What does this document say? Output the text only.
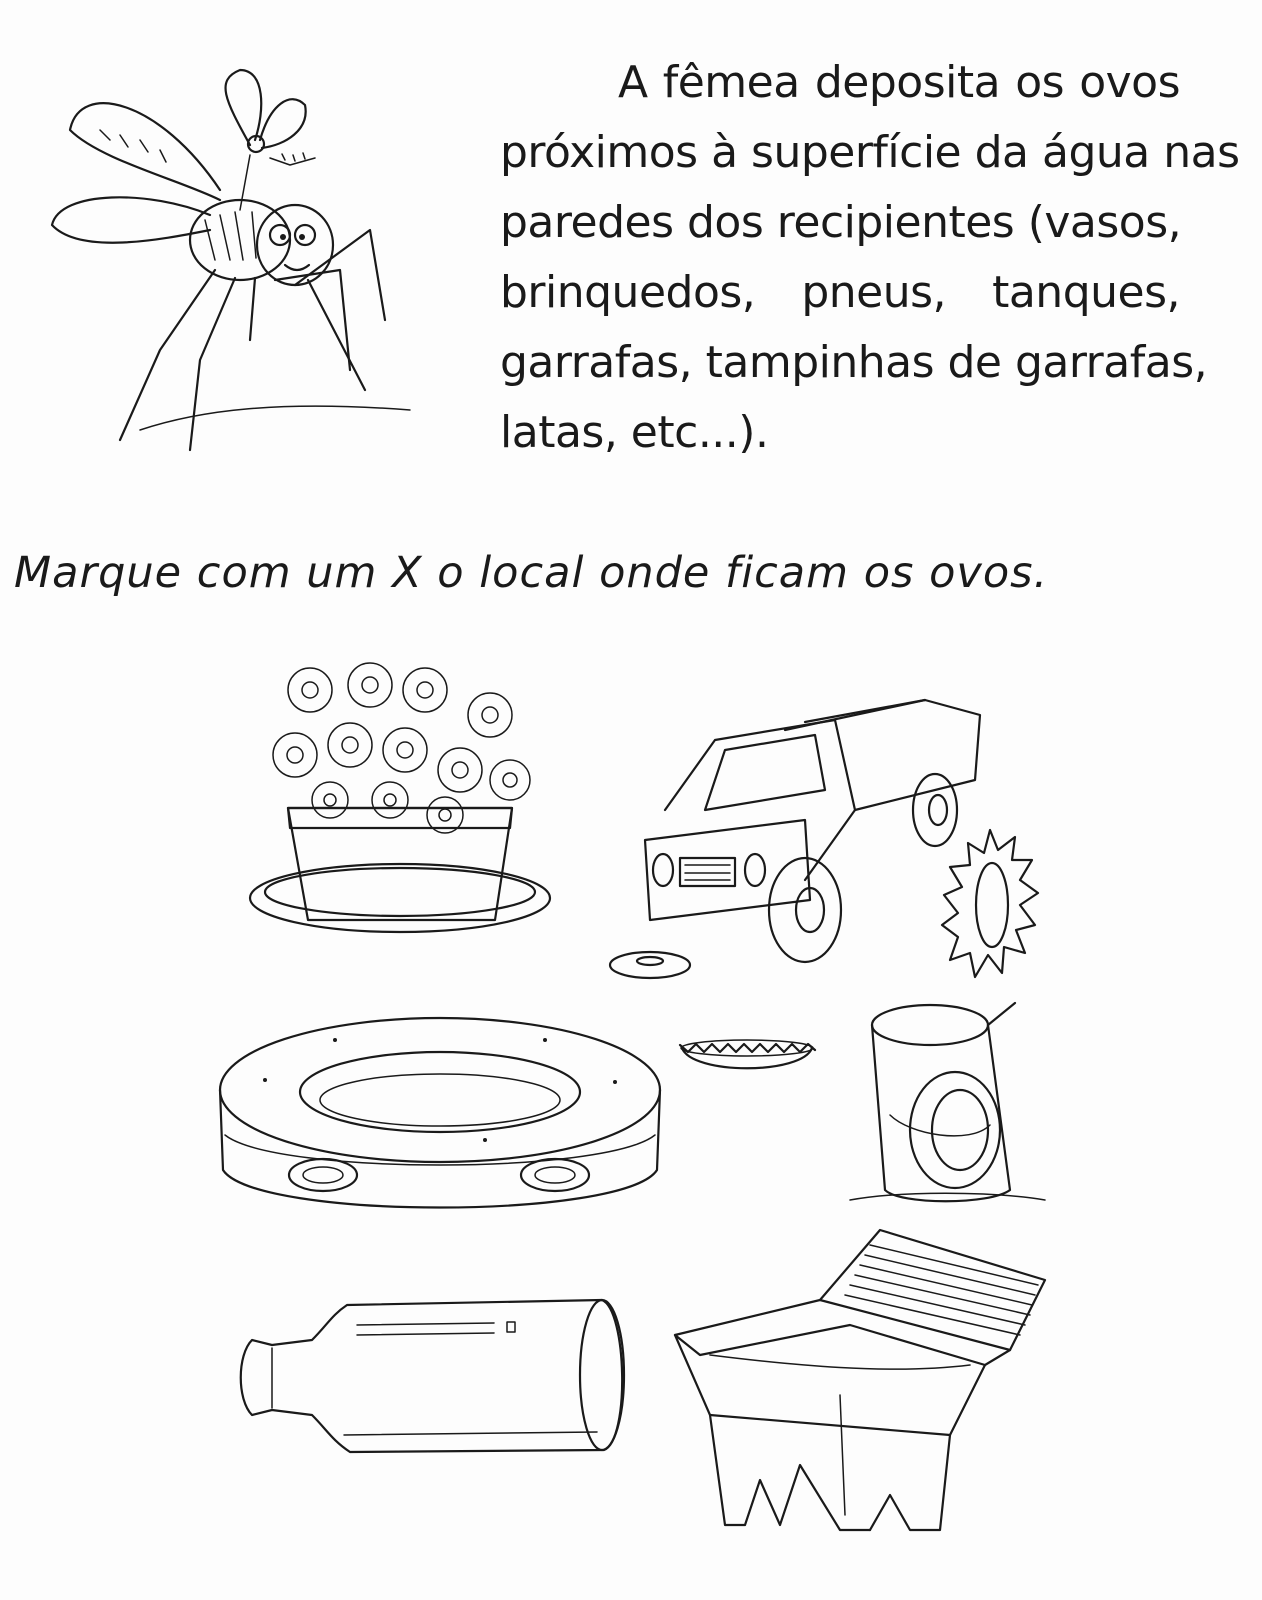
A fêmea deposita os ovos
próximos à superfície da água nas
paredes dos recipientes (vasos,
brinquedos, pneus, tanques,
garrafas, tampinhas de garrafas,
latas, etc...).
Marque com um X o local onde ficam os ovos.
